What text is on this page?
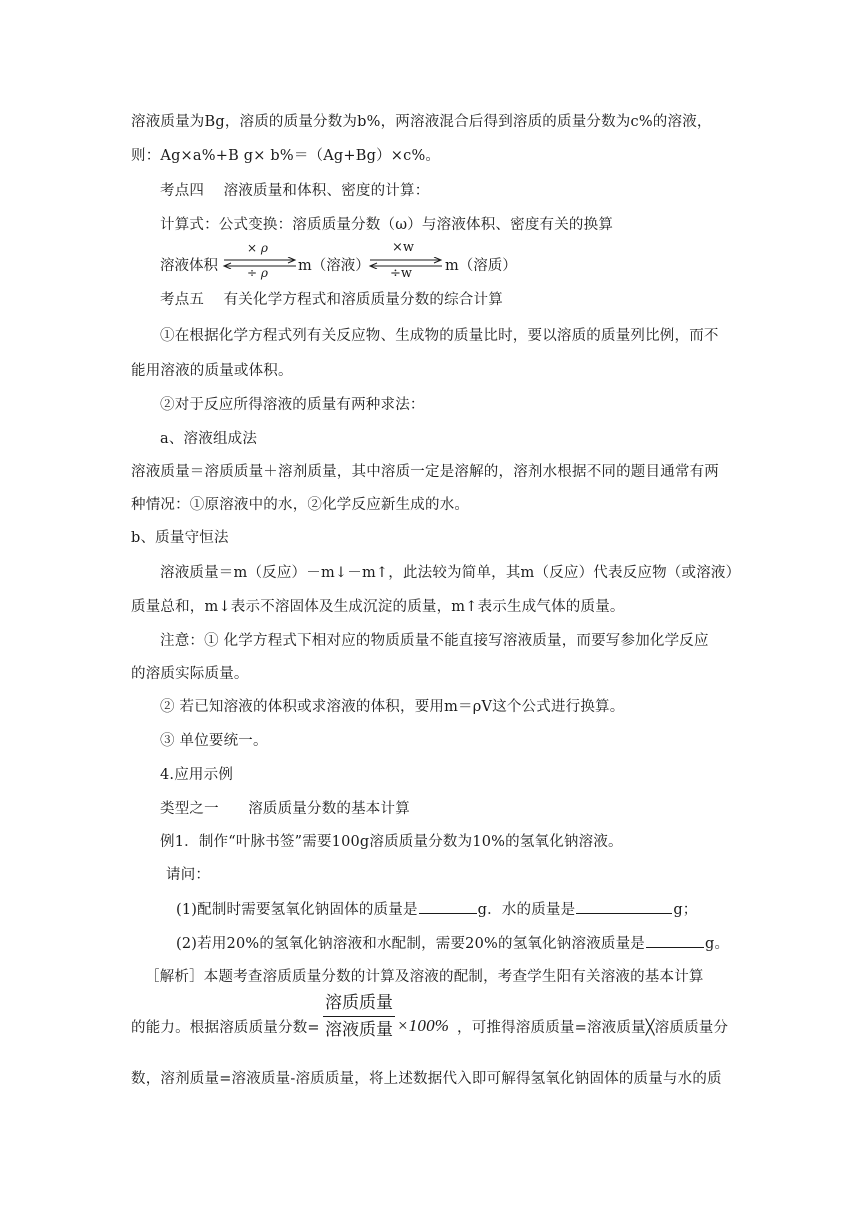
溶液质量为Bg，溶质的质量分数为b%，两溶液混合后得到溶质的质量分数为c%的溶液，
则：Ag×a%+B g× b%＝（Ag+Bg）×c%。
考点四　 溶液质量和体积、密度的计算：
计算式：公式变换：溶质质量分数（ω）与溶液体积、密度有关的换算
溶液体积
× ρ
÷ ρ m（溶液）
×w
÷w m（溶质）
考点五　 有关化学方程式和溶质质量分数的综合计算
①在根据化学方程式列有关反应物、生成物的质量比时，要以溶质的质量列比例，而不
能用溶液的质量或体积。
②对于反应所得溶液的质量有两种求法：
a、溶液组成法
溶液质量＝溶质质量＋溶剂质量，其中溶质一定是溶解的，溶剂水根据不同的题目通常有两
种情况：①原溶液中的水，②化学反应新生成的水。
b、质量守恒法
溶液质量＝m（反应）－m↓－m↑，此法较为简单，其m（反应）代表反应物（或溶液）
质量总和，m↓表示不溶固体及生成沉淀的质量，m↑表示生成气体的质量。
注意：① 化学方程式下相对应的物质质量不能直接写溶液质量，而要写参加化学反应
的溶质实际质量。
② 若已知溶液的体积或求溶液的体积，要用m＝ρV这个公式进行换算。
③ 单位要统一。
4.应用示例
类型之一　　溶质质量分数的基本计算
例1．制作“叶脉书签”需要100g溶质质量分数为10%的氢氧化钠溶液。
请问：
(1)配制时需要氢氧化钠固体的质量是	g．水的质量是	g；
(2)若用20%的氢氧化钠溶液和水配制，需要20%的氢氧化钠溶液质量是	g。
［解析］本题考查溶质质量分数的计算及溶液的配制，考查学生阳有关溶液的基本计算
的能力。根据溶质质量分数=
溶质质量
溶液质量 ×100% ，可推得溶质质量=溶液质量╳溶质质量分
数，溶剂质量=溶液质量-溶质质量，将上述数据代入即可解得氢氧化钠固体的质量与水的质
